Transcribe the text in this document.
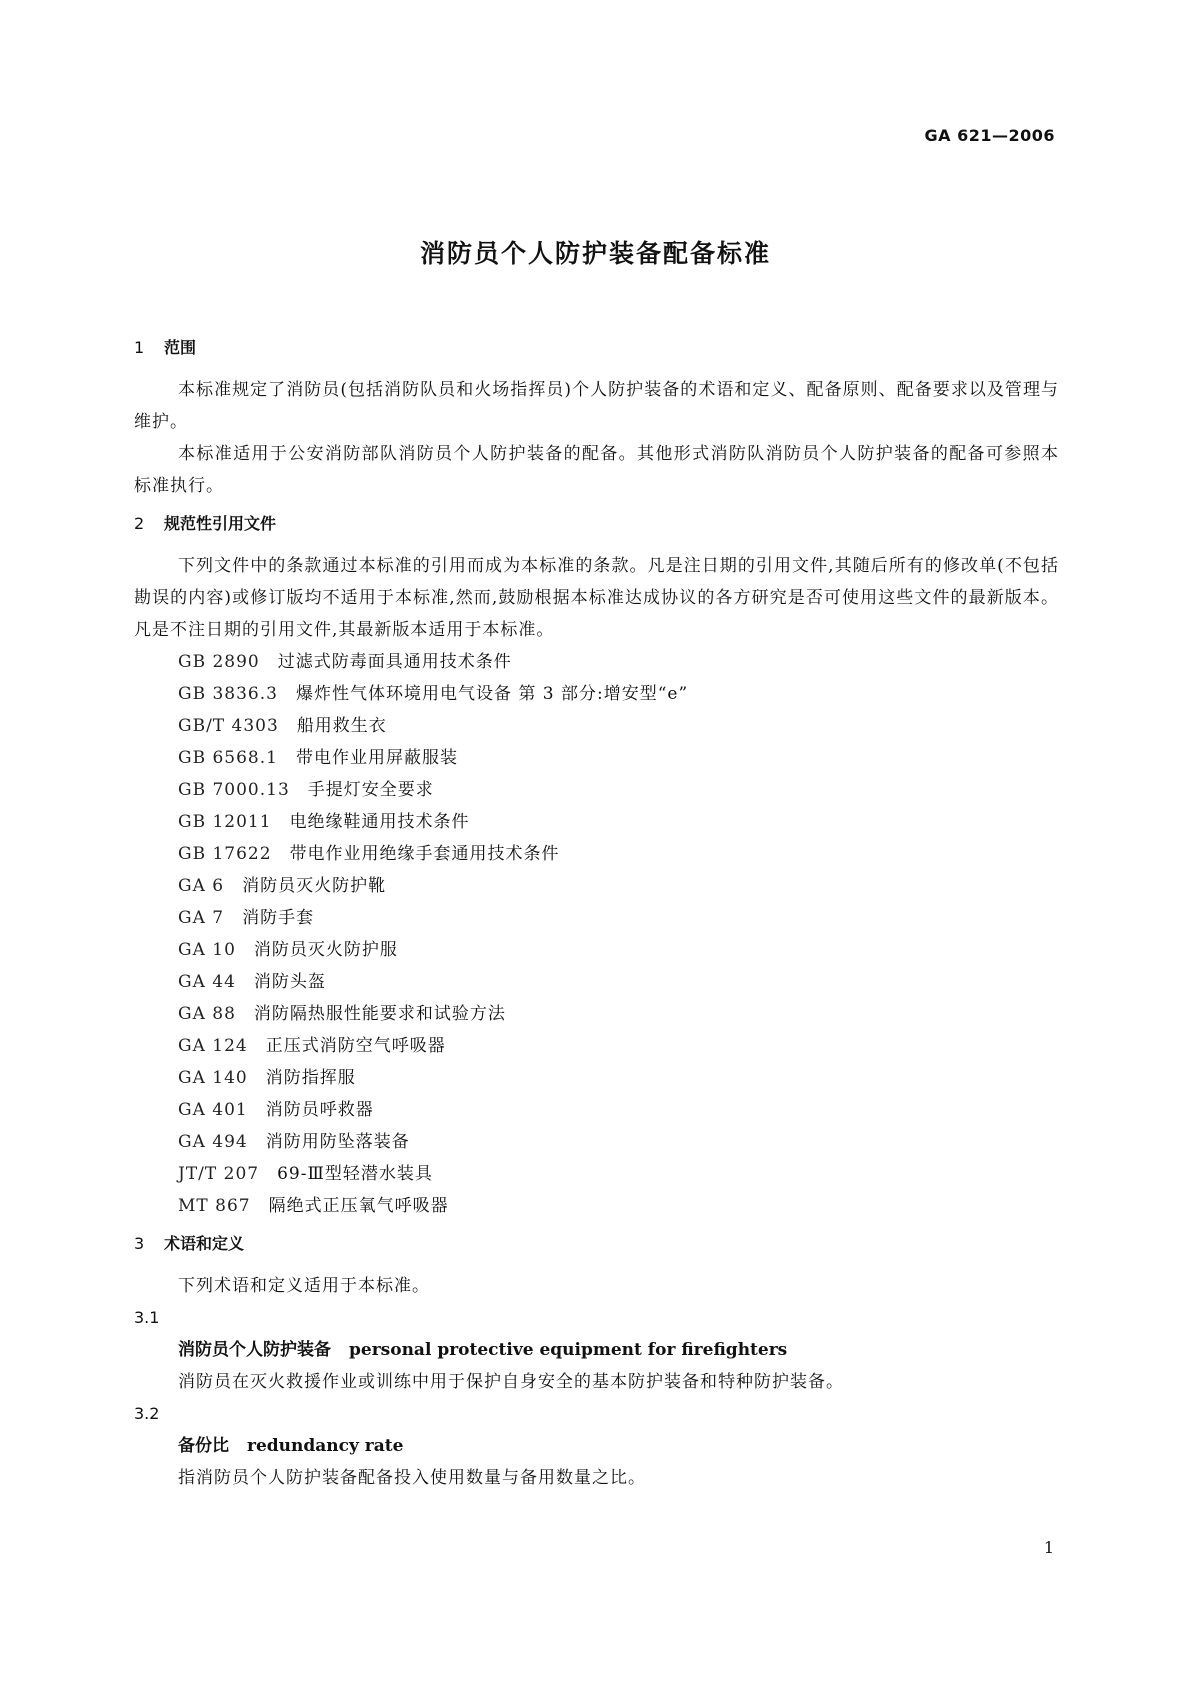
GA 621—2006
消防员个人防护装备配备标准
1 范围
本标准规定了消防员(包括消防队员和火场指挥员)个人防护装备的术语和定义、配备原则、配备要求以及管理与维护。
本标准适用于公安消防部队消防员个人防护装备的配备。其他形式消防队消防员个人防护装备的配备可参照本标准执行。
2 规范性引用文件
下列文件中的条款通过本标准的引用而成为本标准的条款。凡是注日期的引用文件,其随后所有的修改单(不包括勘误的内容)或修订版均不适用于本标准,然而,鼓励根据本标准达成协议的各方研究是否可使用这些文件的最新版本。凡是不注日期的引用文件,其最新版本适用于本标准。
GB 2890 过滤式防毒面具通用技术条件
GB 3836.3 爆炸性气体环境用电气设备 第 3 部分:增安型“e”
GB/T 4303 船用救生衣
GB 6568.1 带电作业用屏蔽服装
GB 7000.13 手提灯安全要求
GB 12011 电绝缘鞋通用技术条件
GB 17622 带电作业用绝缘手套通用技术条件
GA 6 消防员灭火防护靴
GA 7 消防手套
GA 10 消防员灭火防护服
GA 44 消防头盔
GA 88 消防隔热服性能要求和试验方法
GA 124 正压式消防空气呼吸器
GA 140 消防指挥服
GA 401 消防员呼救器
GA 494 消防用防坠落装备
JT/T 207 69-Ⅲ型轻潜水装具
MT 867 隔绝式正压氧气呼吸器
3 术语和定义
下列术语和定义适用于本标准。
3.1
消防员个人防护装备 personal protective equipment for firefighters
消防员在灭火救援作业或训练中用于保护自身安全的基本防护装备和特种防护装备。
3.2
备份比 redundancy rate
指消防员个人防护装备配备投入使用数量与备用数量之比。
1
